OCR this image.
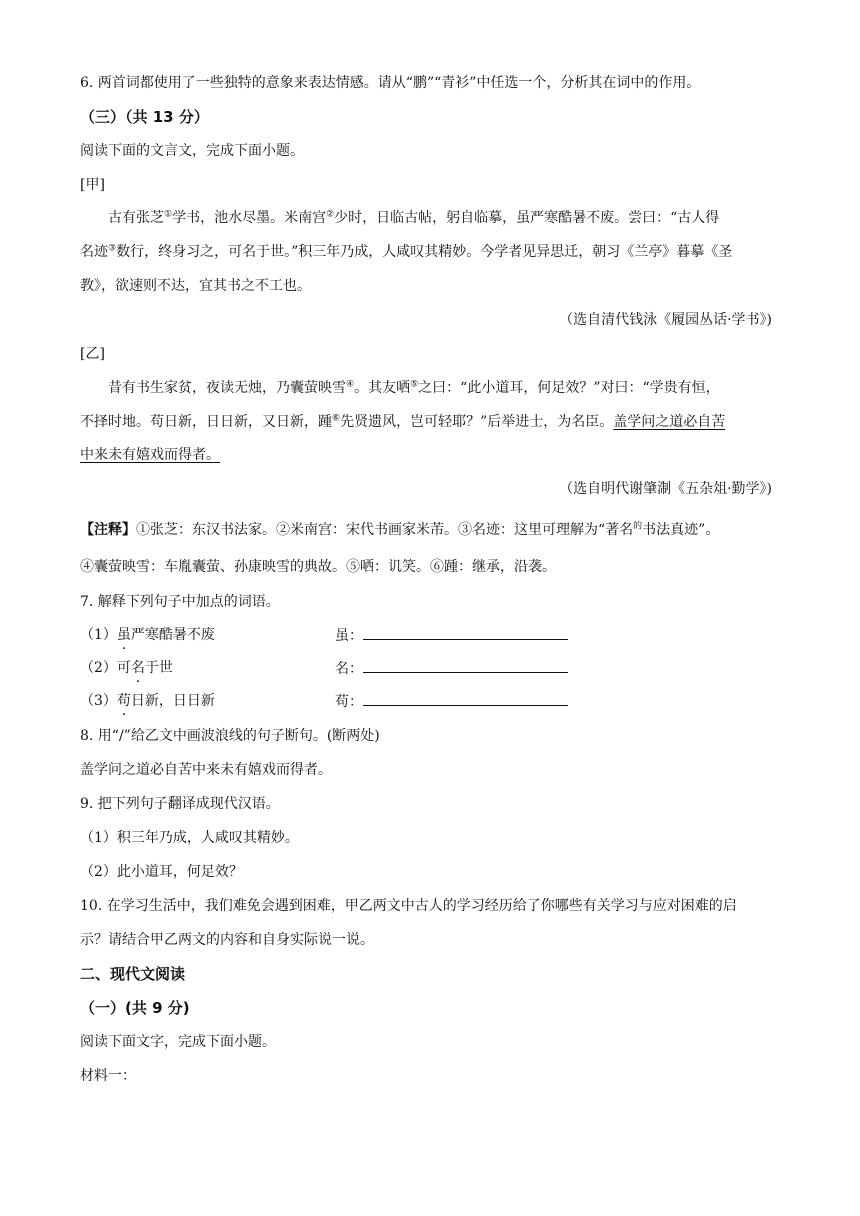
6. 两首词都使用了一些独特的意象来表达情感。请从“鹏”“青衫”中任选一个，分析其在词中的作用。
（三）（共 13 分）
阅读下面的文言文，完成下面小题。
[甲]
古有张芝①学书，池水尽墨。米南宫②少时，日临古帖，躬自临摹，虽严寒酷暑不废。尝曰：“古人得
名迹③数行，终身习之，可名于世。”积三年乃成，人咸叹其精妙。今学者见异思迁，朝习《兰亭》暮摹《圣
教》，欲速则不达，宜其书之不工也。
（选自清代钱泳《履园丛话·学书》)
[乙]
昔有书生家贫，夜读无烛，乃囊萤映雪④。其友哂⑤之曰：“此小道耳，何足效？”对曰：“学贵有恒，
不择时地。苟日新，日日新，又日新，踵⑥先贤遗风，岂可轻耶？”后举进士，为名臣。盖学问之道必自苦
中来未有嬉戏而得者。
（选自明代谢肇淛《五杂俎·勤学》)
【注释】①张芝：东汉书法家。②米南宫：宋代书画家米芾。③名迹：这里可理解为“著名$^的$书法真迹”。
④囊萤映雪：车胤囊萤、孙康映雪的典故。⑤哂：讥笑。⑥踵：继承，沿袭。
7. 解释下列句子中加点的词语。
（1）虽严寒酷暑不废	虽：
（2）可名于世	名：
（3）苟日新，日日新	苟：
8. 用“/”给乙文中画波浪线的句子断句。(断两处)
盖学问之道必自苦中来未有嬉戏而得者。
9. 把下列句子翻译成现代汉语。
（1）积三年乃成，人咸叹其精妙。
（2）此小道耳，何足效？
10. 在学习生活中，我们难免会遇到困难，甲乙两文中古人的学习经历给了你哪些有关学习与应对困难的启
示？请结合甲乙两文的内容和自身实际说一说。
二、现代文阅读
（一）(共 9 分)
阅读下面文字，完成下面小题。
材料一：
